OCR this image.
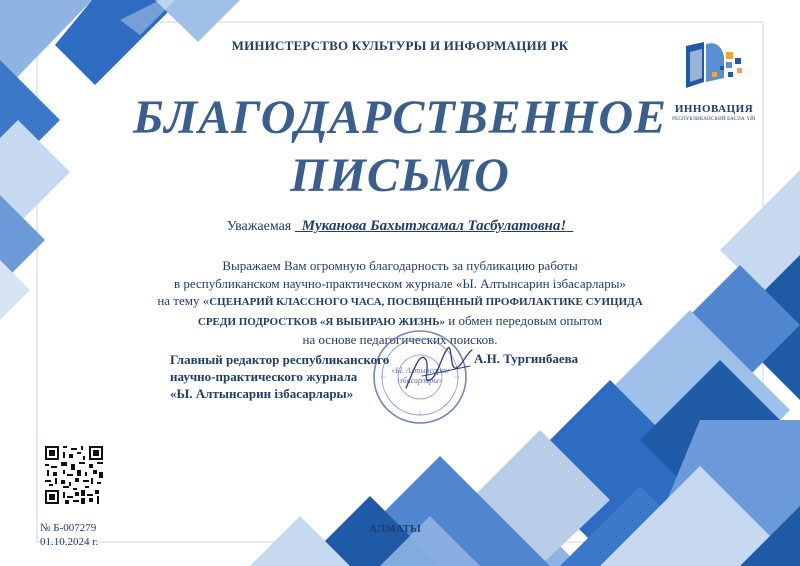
МИНИСТЕРСТВО КУЛЬТУРЫ И ИНФОРМАЦИИ РК
ИННОВАЦИЯ
РЕСПУБЛИКАНСКИЙ БАСПА ҮЙІ
БЛАГОДАРСТВЕННОЕ
ПИСЬМО
Уважаемая Муканова Бахытжамал Тасбулатовна!
Выражаем Вам огромную благодарность за публикацию работы
в республиканском научно-практическом журнале «Ы. Алтынсарин ізбасарлары»
на тему «СЦЕНАРИЙ КЛАССНОГО ЧАСА, ПОСВЯЩЁННЫЙ ПРОФИЛАКТИКЕ СУИЦИДА
СРЕДИ ПОДРОСТКОВ «Я ВЫБИРАЮ ЖИЗНЬ» и обмен передовым опытом
на основе педагогических поисков.
Главный редактор республиканского
научно-практического журнала
«Ы. Алтынсарин ізбасарлары»
А.Н. Тургинбаева
«Ы. Алтынсарин
ізбасарлары»
№ Б-007279
01.10.2024 г.
АЛМАТЫ
